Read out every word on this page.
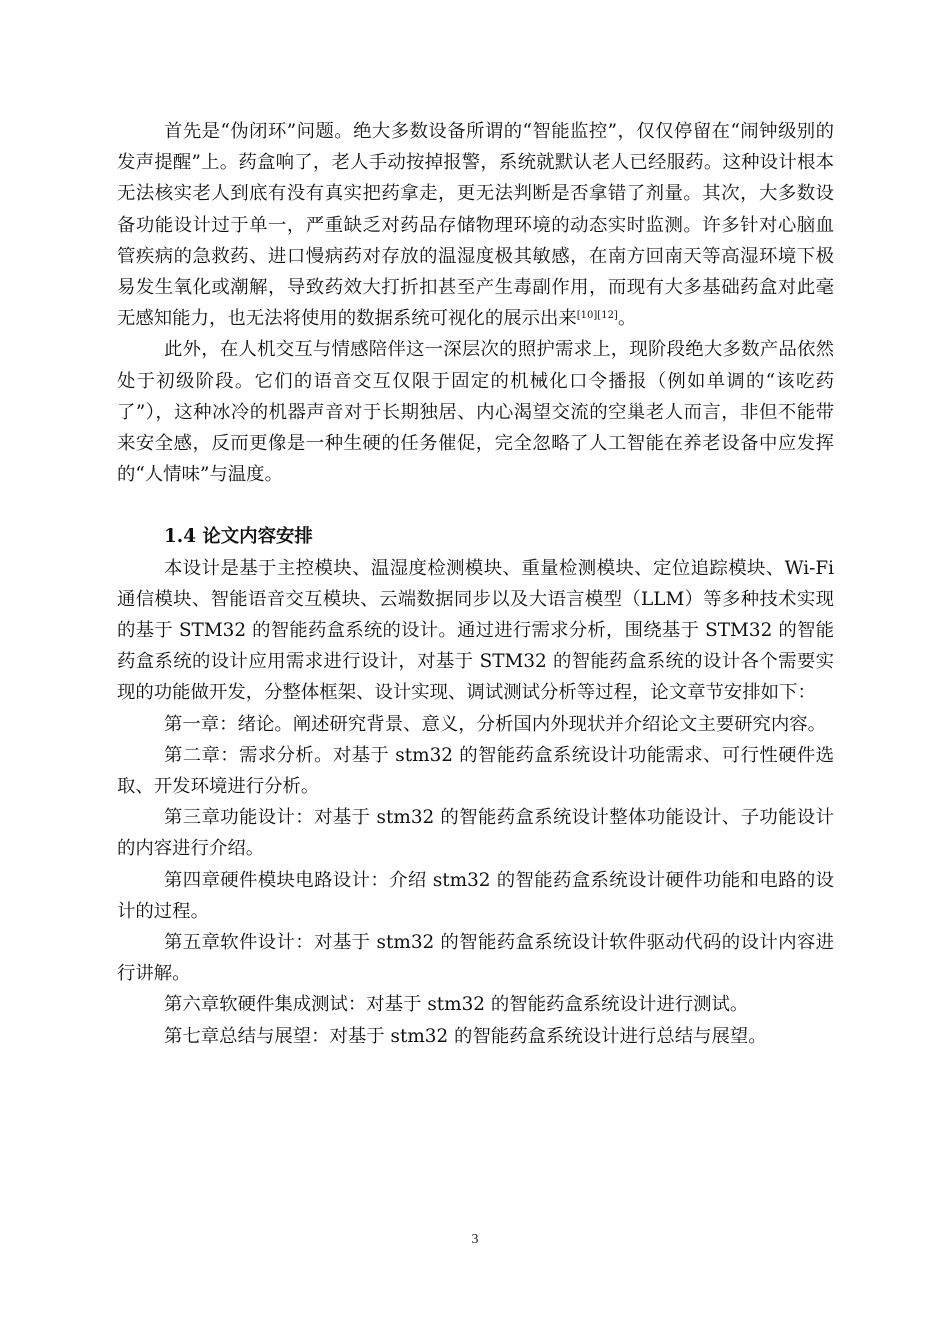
首先是“伪闭环”问题。绝大多数设备所谓的“智能监控”，仅仅停留在“闹钟级别的发声提醒”上。药盒响了，老人手动按掉报警，系统就默认老人已经服药。这种设计根本无法核实老人到底有没有真实把药拿走，更无法判断是否拿错了剂量。其次，大多数设备功能设计过于单一，严重缺乏对药品存储物理环境的动态实时监测。许多针对心脑血管疾病的急救药、进口慢病药对存放的温湿度极其敏感，在南方回南天等高湿环境下极易发生氧化或潮解，导致药效大打折扣甚至产生毒副作用，而现有大多基础药盒对此毫无感知能力，也无法将使用的数据系统可视化的展示出来[10][12]。

此外，在人机交互与情感陪伴这一深层次的照护需求上，现阶段绝大多数产品依然处于初级阶段。它们的语音交互仅限于固定的机械化口令播报（例如单调的“该吃药了”），这种冰冷的机器声音对于长期独居、内心渴望交流的空巢老人而言，非但不能带来安全感，反而更像是一种生硬的任务催促，完全忽略了人工智能在养老设备中应发挥的“人情味”与温度。

1.4 论文内容安排

本设计是基于主控模块、温湿度检测模块、重量检测模块、定位追踪模块、Wi-Fi 通信模块、智能语音交互模块、云端数据同步以及大语言模型（LLM）等多种技术实现的基于 STM32 的智能药盒系统的设计。通过进行需求分析，围绕基于 STM32 的智能药盒系统的设计应用需求进行设计，对基于 STM32 的智能药盒系统的设计各个需要实现的功能做开发，分整体框架、设计实现、调试测试分析等过程，论文章节安排如下：

第一章：绪论。阐述研究背景、意义，分析国内外现状并介绍论文主要研究内容。

第二章：需求分析。对基于 stm32 的智能药盒系统设计功能需求、可行性硬件选取、开发环境进行分析。

第三章功能设计：对基于 stm32 的智能药盒系统设计整体功能设计、子功能设计的内容进行介绍。

第四章硬件模块电路设计：介绍 stm32 的智能药盒系统设计硬件功能和电路的设计的过程。

第五章软件设计：对基于 stm32 的智能药盒系统设计软件驱动代码的设计内容进行讲解。

第六章软硬件集成测试：对基于 stm32 的智能药盒系统设计进行测试。

第七章总结与展望：对基于 stm32 的智能药盒系统设计进行总结与展望。

3
